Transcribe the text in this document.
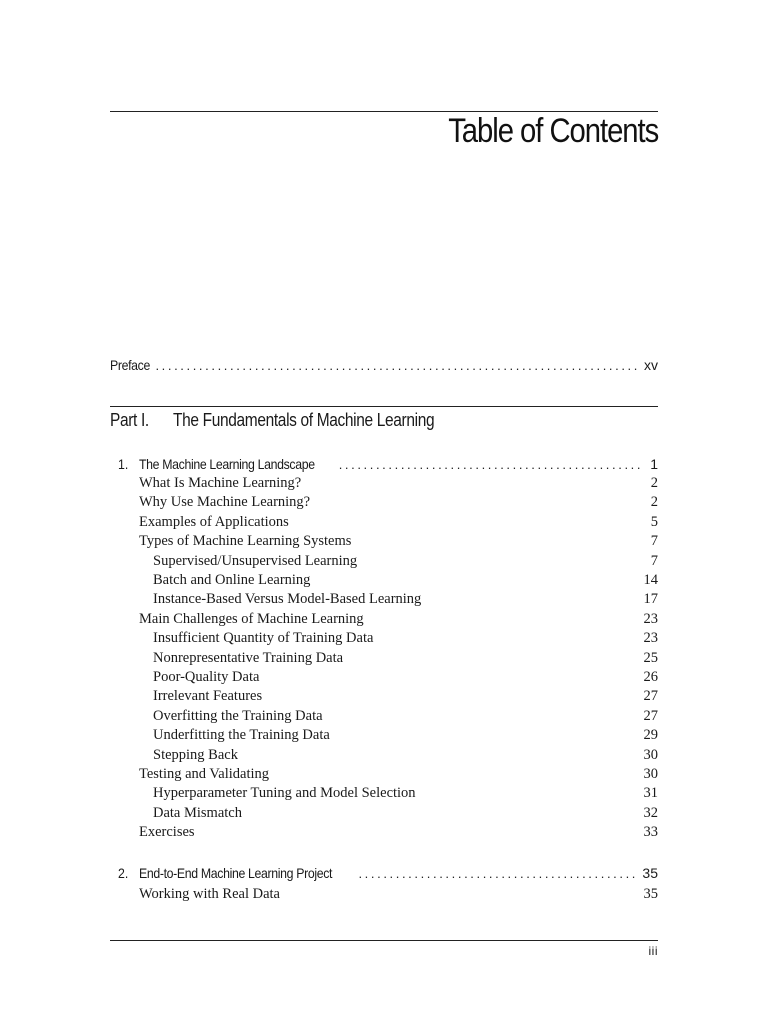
Table of Contents
Preface .....	xv
Part I. The Fundamentals of Machine Learning
1. The Machine Learning Landscape .....	1
What Is Machine Learning?	2
Why Use Machine Learning?	2
Examples of Applications	5
Types of Machine Learning Systems	7
Supervised/Unsupervised Learning	7
Batch and Online Learning	14
Instance-Based Versus Model-Based Learning	17
Main Challenges of Machine Learning	23
Insufficient Quantity of Training Data	23
Nonrepresentative Training Data	25
Poor-Quality Data	26
Irrelevant Features	27
Overfitting the Training Data	27
Underfitting the Training Data	29
Stepping Back	30
Testing and Validating	30
Hyperparameter Tuning and Model Selection	31
Data Mismatch	32
Exercises	33
2. End-to-End Machine Learning Project .....	35
Working with Real Data	35
iii
